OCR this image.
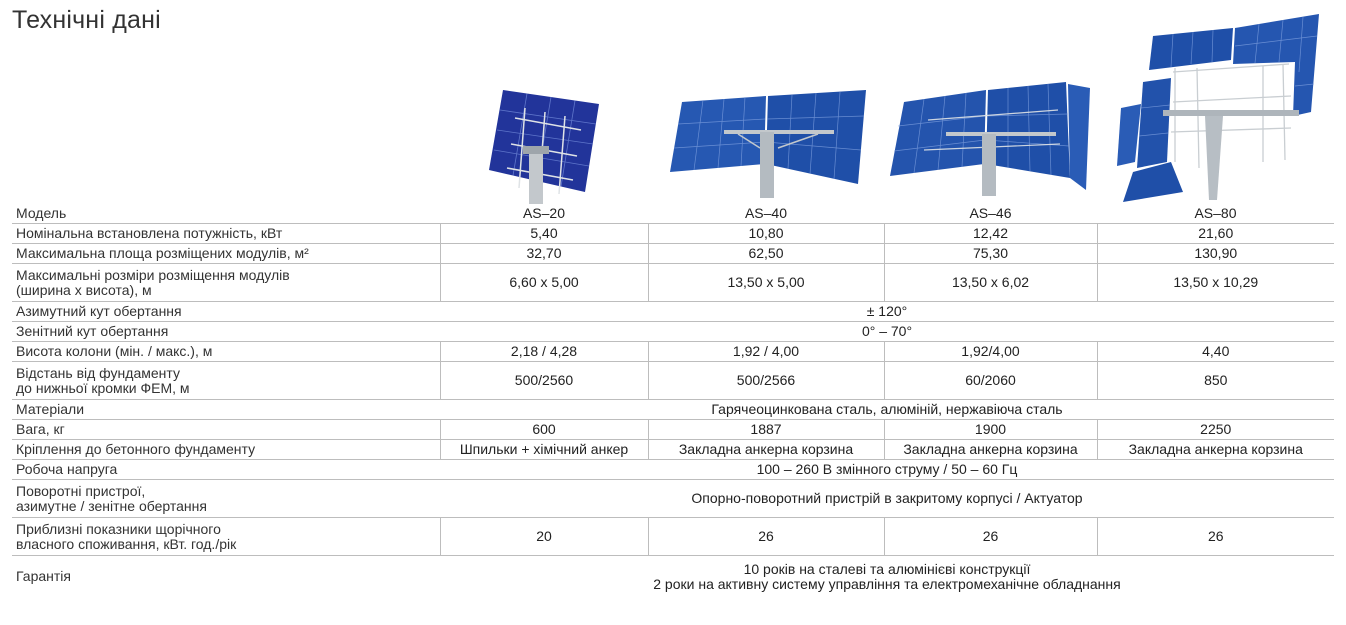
Технічні дані
Модель	AS–20	AS–40	AS–46	AS–80
Номінальна встановлена потужність, кВт	5,40	10,80	12,42	21,60
Максимальна площа розміщених модулів, м²	32,70	62,50	75,30	130,90
Максимальні розміри розміщення модулів
(ширина х висота), м	6,60 х 5,00	13,50 х 5,00	13,50 х 6,02	13,50 х 10,29
Азимутний кут обертання	± 120°			
Зенітний кут обертання	0° – 70°			
Висота колони (мін. / макс.), м	2,18 / 4,28	1,92 / 4,00	1,92/4,00	4,40
Відстань від фундаменту
до нижньої кромки ФЕМ, м	500/2560	500/2566	60/2060	850
Матеріали	Гарячеоцинкована сталь, алюміній, нержавіюча сталь			
Вага, кг	600	1887	1900	2250
Кріплення до бетонного фундаменту	Шпильки + хімічний анкер	Закладна анкерна корзина	Закладна анкерна корзина	Закладна анкерна корзина
Робоча напруга	100 – 260 В змінного струму / 50 – 60 Гц			
Поворотні пристрої,
азимутне / зенітне обертання	Опорно-поворотний пристрій в закритому корпусі / Актуатор			
Приблизні показники щорічного
власного споживання, кВт. год./рік	20	26	26	26
Гарантія	10 років на сталеві та алюмінієві конструкції
2 роки на активну систему управління та електромеханічне обладнання			
